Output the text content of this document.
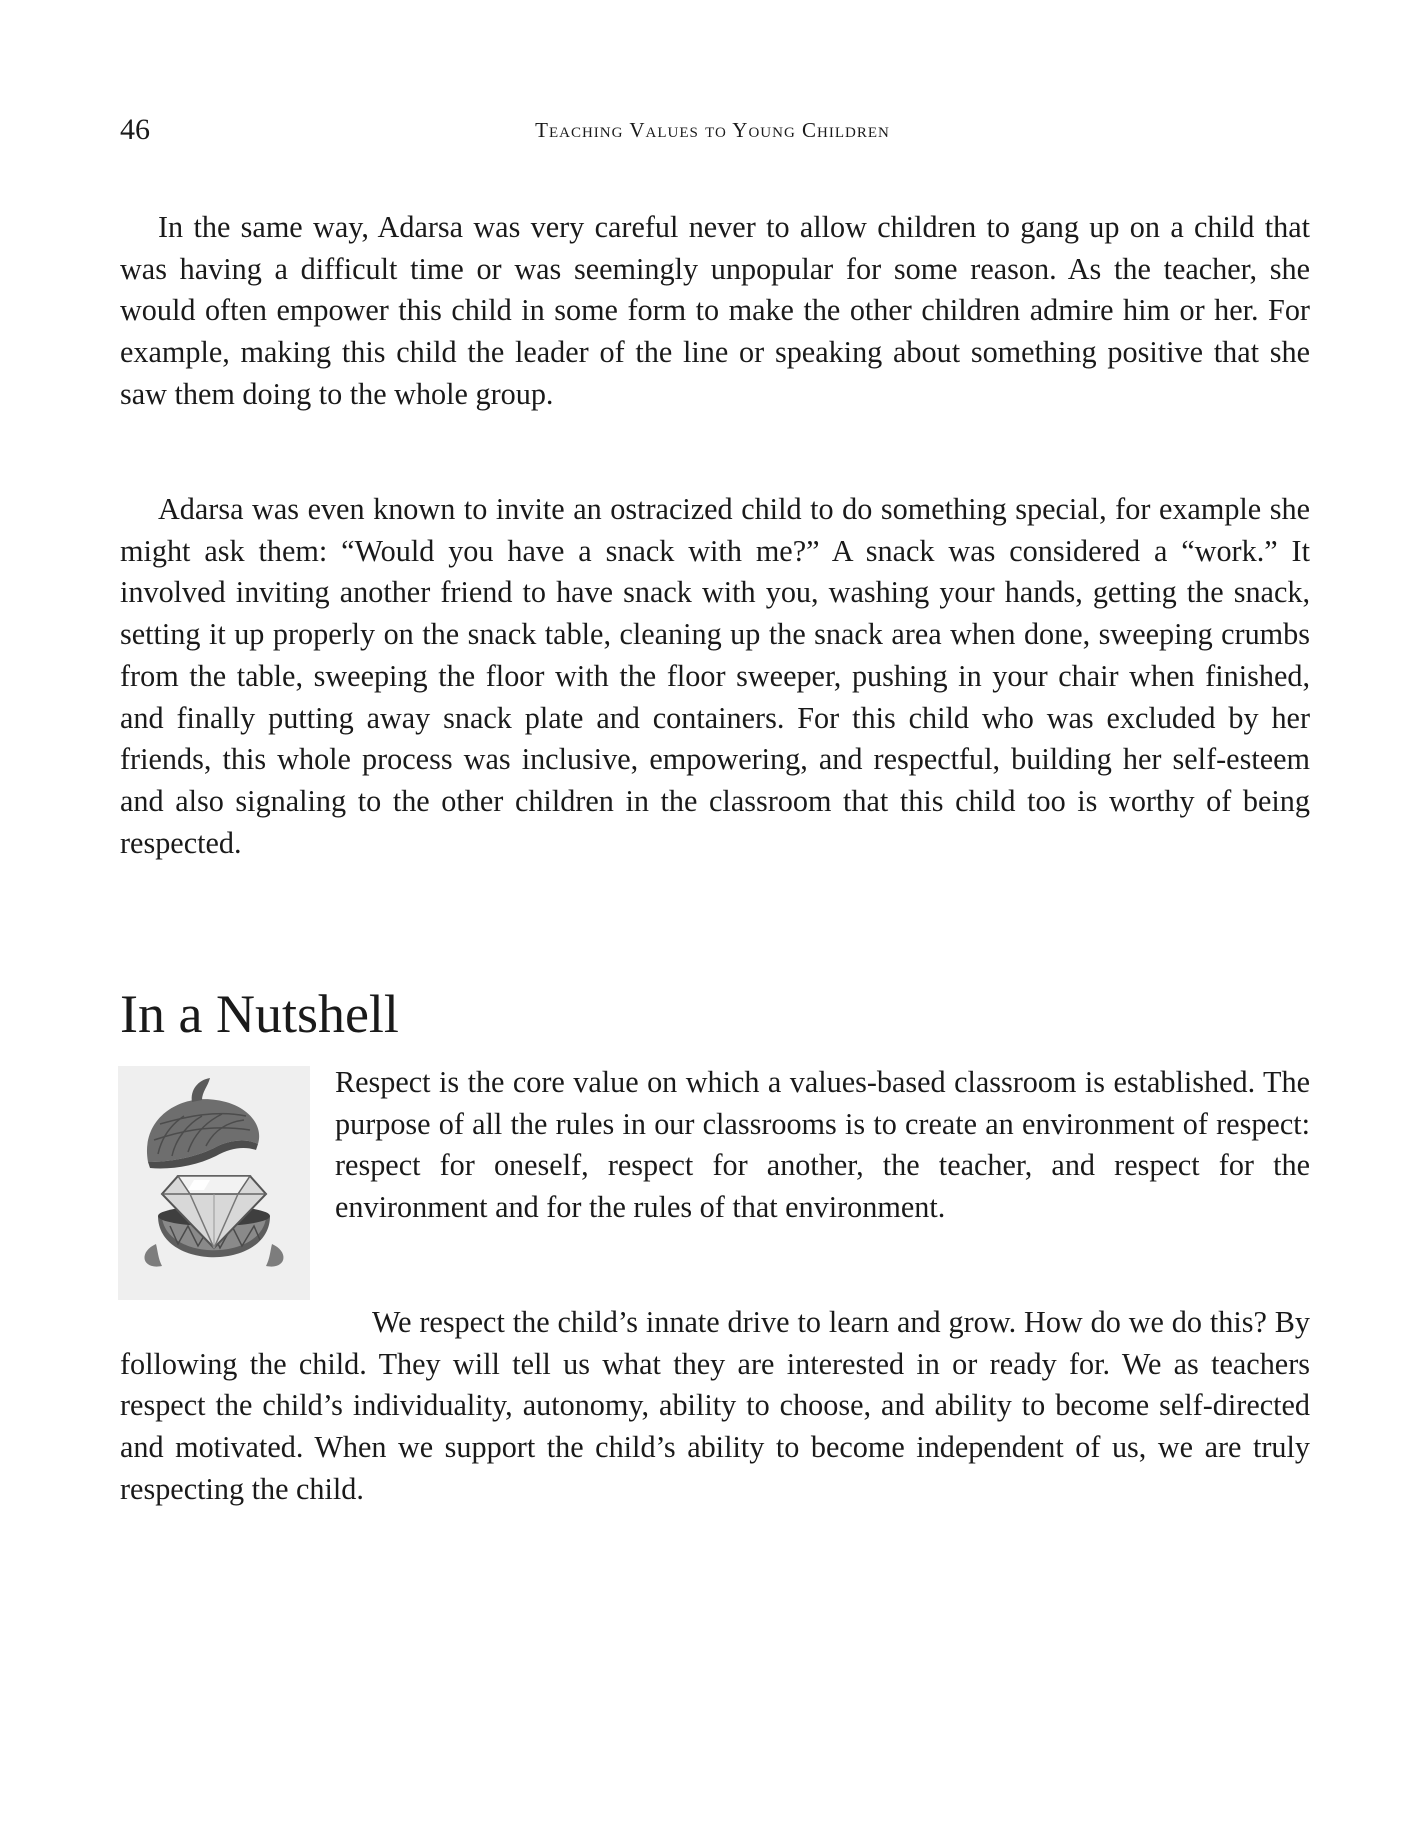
46	Teaching Values to Young Children

In the same way, Adarsa was very careful never to allow children to gang up on a child that was having a difficult time or was seemingly unpopular for some reason. As the teacher, she would often empower this child in some form to make the other children admire him or her. For example, making this child the leader of the line or speaking about something positive that she saw them doing to the whole group.

Adarsa was even known to invite an ostracized child to do something special, for example she might ask them: “Would you have a snack with me?” A snack was considered a “work.” It involved inviting another friend to have snack with you, washing your hands, getting the snack, setting it up properly on the snack table, cleaning up the snack area when done, sweeping crumbs from the table, sweeping the floor with the floor sweeper, pushing in your chair when finished, and finally putting away snack plate and containers. For this child who was excluded by her friends, this whole process was inclusive, empowering, and respectful, building her self-esteem and also signaling to the other children in the classroom that this child too is worthy of being respected.

In a Nutshell

Respect is the core value on which a values-based classroom is established. The purpose of all the rules in our classrooms is to create an environment of respect: respect for oneself, respect for another, the teacher, and respect for the environment and for the rules of that environment.

We respect the child’s innate drive to learn and grow. How do we do this? By following the child. They will tell us what they are interested in or ready for. We as teachers respect the child’s individuality, autonomy, ability to choose, and ability to become self-directed and motivated. When we support the child’s ability to become independent of us, we are truly respecting the child.
